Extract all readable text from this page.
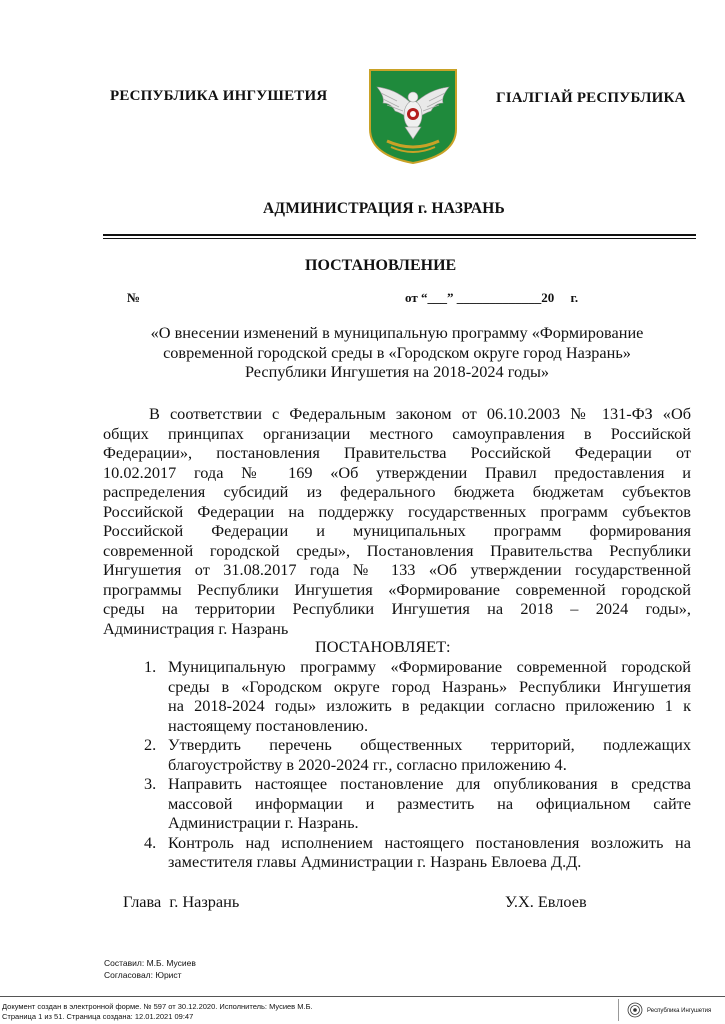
РЕСПУБЛИКА ИНГУШЕТИЯ	ГIАЛГIАЙ РЕСПУБЛИКА
АДМИНИСТРАЦИЯ г. НАЗРАНЬ
ПОСТАНОВЛЕНИЕ
№	от “___” _____________20     г.
«О внесении изменений в муниципальную программу «Формирование
современной городской среды в «Городском округе город Назрань»
Республики Ингушетия на 2018-2024 годы»
В соответствии с Федеральным законом от 06.10.2003 № 131-ФЗ «Об
общих принципах организации местного самоуправления в Российской
Федерации», постановления Правительства Российской Федерации от
10.02.2017 года № 169 «Об утверждении Правил предоставления и
распределения субсидий из федерального бюджета бюджетам субъектов
Российской Федерации на поддержку государственных программ субъектов
Российской Федерации и муниципальных программ формирования
современной городской среды», Постановления Правительства Республики
Ингушетия от 31.08.2017 года № 133 «Об утверждении государственной
программы Республики Ингушетия «Формирование современной городской
среды на территории Республики Ингушетия на 2018 – 2024 годы»,
Администрация г. Назрань
ПОСТАНОВЛЯЕТ:
1. Муниципальную программу «Формирование современной городской
среды в «Городском округе город Назрань» Республики Ингушетия
на 2018-2024 годы» изложить в редакции согласно приложению 1 к
настоящему постановлению.
2. Утвердить перечень общественных территорий, подлежащих
благоустройству в 2020-2024 гг., согласно приложению 4.
3. Направить настоящее постановление для опубликования в средства
массовой информации и разместить на официальном сайте
Администрации г. Назрань.
4. Контроль над исполнением настоящего постановления возложить на
заместителя главы Администрации г. Назрань Евлоева Д.Д.
Глава  г. Назрань	У.Х. Евлоев
Составил: М.Б. Мусиев
Согласовал: Юрист
Документ создан в электронной форме. № 597 от 30.12.2020. Исполнитель: Мусиев М.Б.
Страница 1 из 51. Страница создана: 12.01.2021 09:47
Республика Ингушетия
